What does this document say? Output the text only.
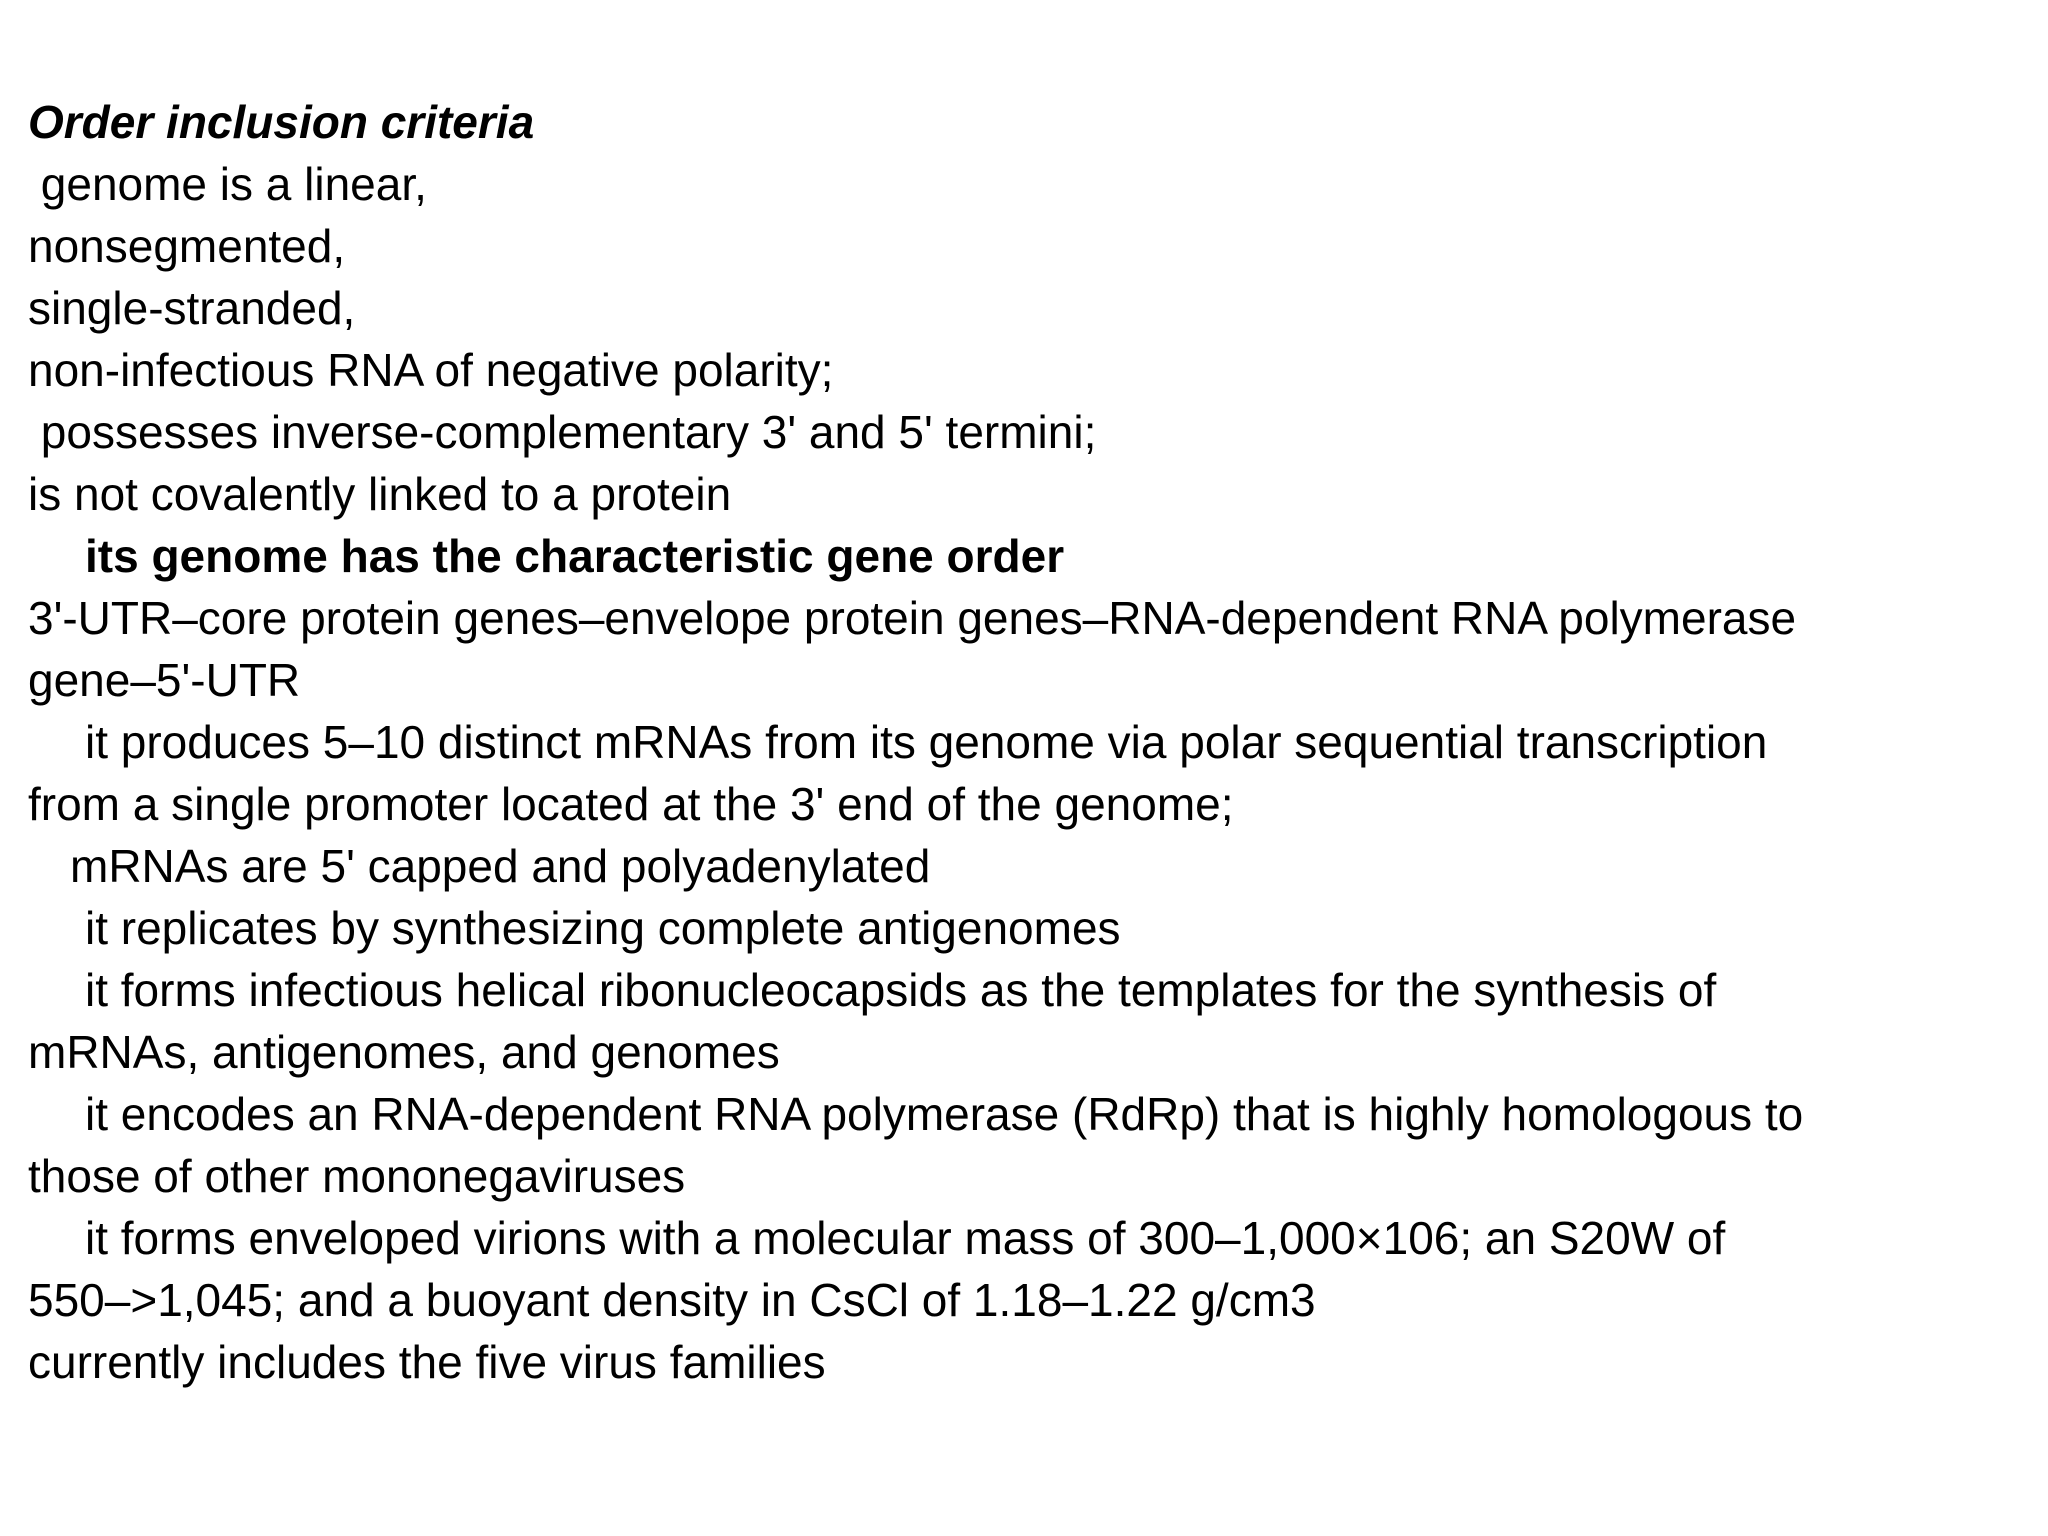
Order inclusion criteria
genome is a linear,
nonsegmented,
single-stranded,
non-infectious RNA of negative polarity;
possesses inverse-complementary 3' and 5' termini;
is not covalently linked to a protein
its genome has the characteristic gene order
3'-UTR–core protein genes–envelope protein genes–RNA-dependent RNA polymerase
gene–5'-UTR
it produces 5–10 distinct mRNAs from its genome via polar sequential transcription
from a single promoter located at the 3' end of the genome;
mRNAs are 5' capped and polyadenylated
it replicates by synthesizing complete antigenomes
it forms infectious helical ribonucleocapsids as the templates for the synthesis of
mRNAs, antigenomes, and genomes
it encodes an RNA-dependent RNA polymerase (RdRp) that is highly homologous to
those of other mononegaviruses
it forms enveloped virions with a molecular mass of 300–1,000×106; an S20W of
550–>1,045; and a buoyant density in CsCl of 1.18–1.22 g/cm3
currently includes the five virus families
